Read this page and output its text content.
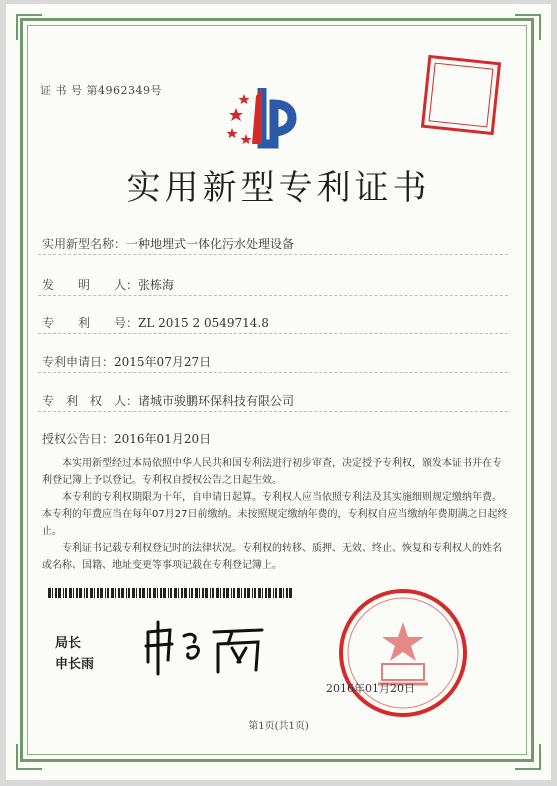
证 书 号 第4962349号
实用新型专利证书
实用新型名称：一种地埋式一体化污水处理设备
发　　明　　人：张栋海
专　　利　　号：ZL 2015 2 0549714.8
专利申请日：2015年07月27日
专　利　权　人：诸城市骏鹏环保科技有限公司
授权公告日：2016年01月20日

本实用新型经过本局依照中华人民共和国专利法进行初步审查，决定授予专利权，颁发本证书并在专利登记簿上予以登记。专利权自授权公告之日起生效。

本专利的专利权期限为十年，自申请日起算。专利权人应当依照专利法及其实施细则规定缴纳年费。本专利的年费应当在每年07月27日前缴纳。未按照规定缴纳年费的，专利权自应当缴纳年费期满之日起终止。

专利证书记载专利权登记时的法律状况。专利权的转移、质押、无效、终止、恢复和专利权人的姓名或名称、国籍、地址变更等事项记载在专利登记簿上。

局长
申长雨
2016年01月20日
第1页(共1页)
